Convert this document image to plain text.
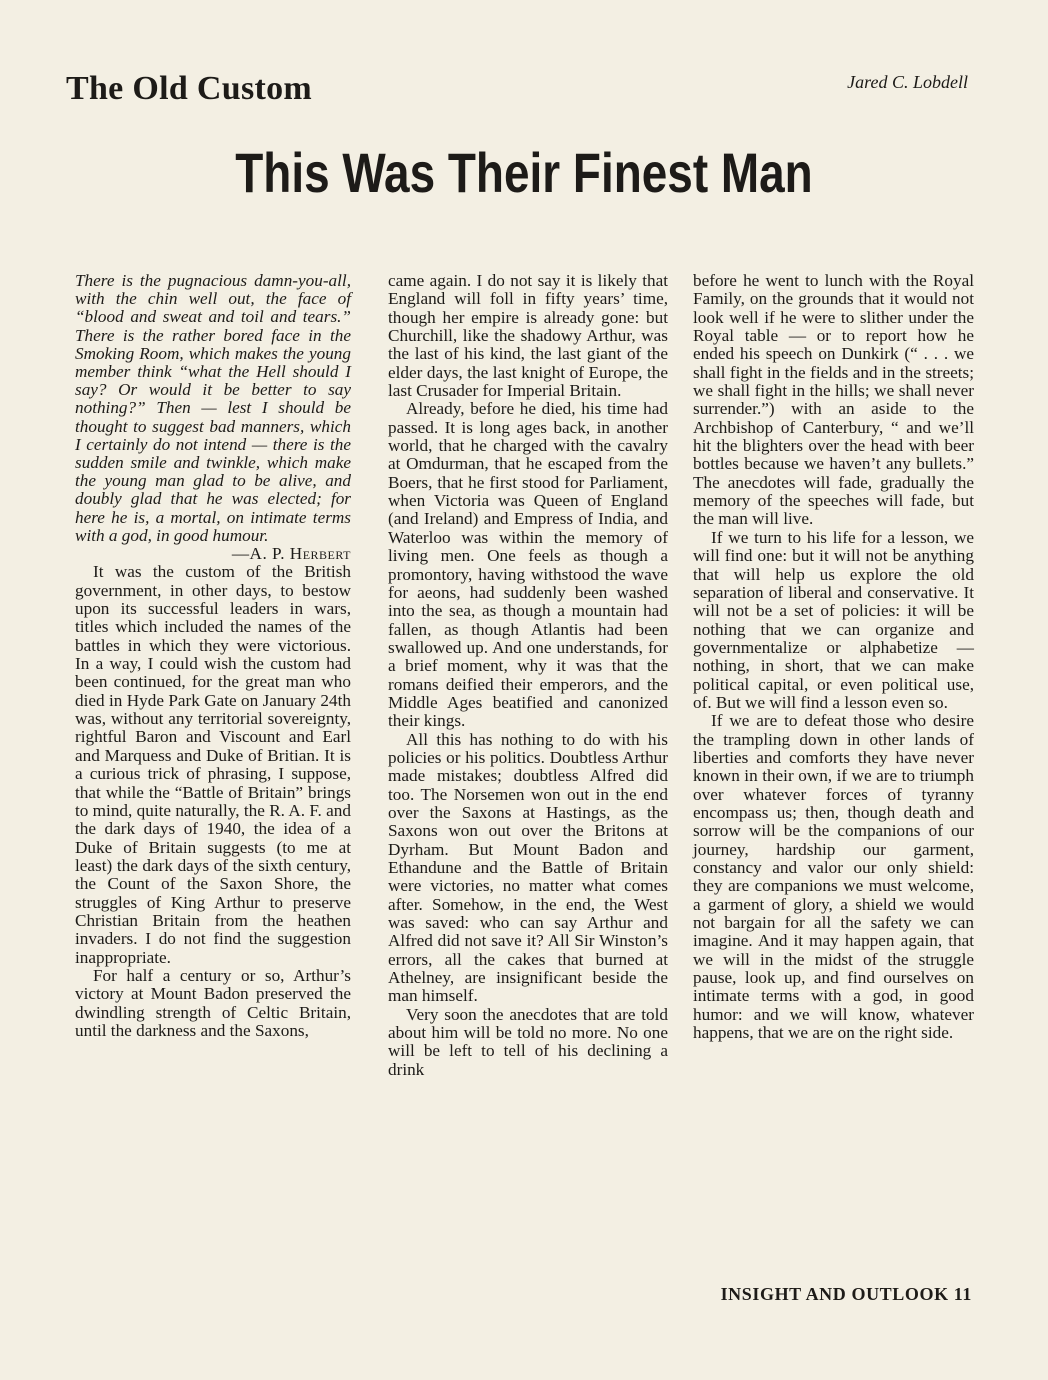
The Old Custom	Jared C. Lobdell
This Was Their Finest Man

There is the pugnacious damn-you-all, with the chin well out, the face of “blood and sweat and toil and tears.” There is the rather bored face in the Smoking Room, which makes the young member think “what the Hell should I say? Or would it be better to say nothing?” Then — lest I should be thought to suggest bad manners, which I certainly do not intend — there is the sudden smile and twinkle, which make the young man glad to be alive, and doubly glad that he was elected; for here he is, a mortal, on intimate terms with a god, in good humour.

—A. P. Herbert

It was the custom of the British government, in other days, to bestow upon its successful leaders in wars, titles which included the names of the battles in which they were victorious. In a way, I could wish the custom had been continued, for the great man who died in Hyde Park Gate on January 24th was, without any territorial sovereignty, rightful Baron and Viscount and Earl and Marquess and Duke of Britian. It is a curious trick of phrasing, I suppose, that while the “Battle of Britain” brings to mind, quite naturally, the R. A. F. and the dark days of 1940, the idea of a Duke of Britain suggests (to me at least) the dark days of the sixth century, the Count of the Saxon Shore, the struggles of King Arthur to preserve Christian Britain from the heathen invaders. I do not find the suggestion inappropriate.

For half a century or so, Arthur’s victory at Mount Badon preserved the dwindling strength of Celtic Britain, until the darkness and the Saxons,

came again. I do not say it is likely that England will foll in fifty years’ time, though her empire is already gone: but Churchill, like the shadowy Arthur, was the last of his kind, the last giant of the elder days, the last knight of Europe, the last Crusader for Imperial Britain.

Already, before he died, his time had passed. It is long ages back, in another world, that he charged with the cavalry at Omdurman, that he escaped from the Boers, that he first stood for Parliament, when Victoria was Queen of England (and Ireland) and Empress of India, and Waterloo was within the memory of living men. One feels as though a promontory, having withstood the wave for aeons, had suddenly been washed into the sea, as though a mountain had fallen, as though Atlantis had been swallowed up. And one understands, for a brief moment, why it was that the romans deified their emperors, and the Middle Ages beatified and canonized their kings.

All this has nothing to do with his policies or his politics. Doubtless Arthur made mistakes; doubtless Alfred did too. The Norsemen won out in the end over the Saxons at Hastings, as the Saxons won out over the Britons at Dyrham. But Mount Badon and Ethandune and the Battle of Britain were victories, no matter what comes after. Somehow, in the end, the West was saved: who can say Arthur and Alfred did not save it? All Sir Winston’s errors, all the cakes that burned at Athelney, are insignificant beside the man himself.

Very soon the anecdotes that are told about him will be told no more. No one will be left to tell of his declining a drink

before he went to lunch with the Royal Family, on the grounds that it would not look well if he were to slither under the Royal table — or to report how he ended his speech on Dunkirk (“ . . . we shall fight in the fields and in the streets; we shall fight in the hills; we shall never surrender.”) with an aside to the Archbishop of Canterbury, “ and we’ll hit the blighters over the head with beer bottles because we haven’t any bullets.” The anecdotes will fade, gradually the memory of the speeches will fade, but the man will live.

If we turn to his life for a lesson, we will find one: but it will not be anything that will help us explore the old separation of liberal and conservative. It will not be a set of policies: it will be nothing that we can organize and governmentalize or alphabetize — nothing, in short, that we can make political capital, or even political use, of. But we will find a lesson even so.

If we are to defeat those who desire the trampling down in other lands of liberties and comforts they have never known in their own, if we are to triumph over whatever forces of tyranny encompass us; then, though death and sorrow will be the companions of our journey, hardship our garment, constancy and valor our only shield: they are companions we must welcome, a garment of glory, a shield we would not bargain for all the safety we can imagine. And it may happen again, that we will in the midst of the struggle pause, look up, and find ourselves on intimate terms with a god, in good humor: and we will know, whatever happens, that we are on the right side.

INSIGHT AND OUTLOOK 11
